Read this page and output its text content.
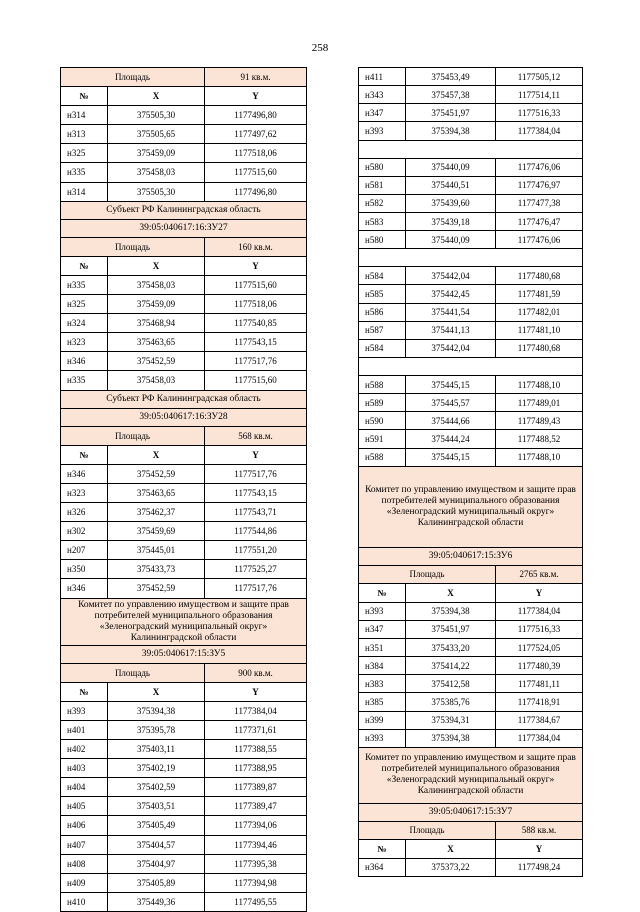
258
Площадь	91 кв.м.
№	X	Y
н314	375505,30	1177496,80
н313	375505,65	1177497,62
н325	375459,09	1177518,06
н335	375458,03	1177515,60
н314	375505,30	1177496,80
Субъект РФ Калининградская область
39:05:040617:16:ЗУ27
Площадь	160 кв.м.
№	X	Y
н335	375458,03	1177515,60
н325	375459,09	1177518,06
н324	375468,94	1177540,85
н323	375463,65	1177543,15
н346	375452,59	1177517,76
н335	375458,03	1177515,60
Субъект РФ Калининградская область
39:05:040617:16:ЗУ28
Площадь	568 кв.м.
№	X	Y
н346	375452,59	1177517,76
н323	375463,65	1177543,15
н326	375462,37	1177543,71
н302	375459,69	1177544,86
н207	375445,01	1177551,20
н350	375433,73	1177525,27
н346	375452,59	1177517,76
Комитет по управлению имуществом и защите прав потребителей муниципального образования «Зеленоградский муниципальный округ» Калининградской области
39:05:040617:15:ЗУ5
Площадь	900 кв.м.
№	X	Y
н393	375394,38	1177384,04
н401	375395,78	1177371,61
н402	375403,11	1177388,55
н403	375402,19	1177388,95
н404	375402,59	1177389,87
н405	375403,51	1177389,47
н406	375405,49	1177394,06
н407	375404,57	1177394,46
н408	375404,97	1177395,38
н409	375405,89	1177394,98
н410	375449,36	1177495,55
н411	375453,49	1177505,12
н343	375457,38	1177514,11
н347	375451,97	1177516,33
н393	375394,38	1177384,04
н580	375440,09	1177476,06
н581	375440,51	1177476,97
н582	375439,60	1177477,38
н583	375439,18	1177476,47
н580	375440,09	1177476,06
н584	375442,04	1177480,68
н585	375442,45	1177481,59
н586	375441,54	1177482,01
н587	375441,13	1177481,10
н584	375442,04	1177480,68
н588	375445,15	1177488,10
н589	375445,57	1177489,01
н590	375444,66	1177489,43
н591	375444,24	1177488,52
н588	375445,15	1177488,10
Комитет по управлению имуществом и защите прав потребителей муниципального образования «Зеленоградский муниципальный округ» Калининградской области
39:05:040617:15:ЗУ6
Площадь	2765 кв.м.
№	X	Y
н393	375394,38	1177384,04
н347	375451,97	1177516,33
н351	375433,20	1177524,05
н384	375414,22	1177480,39
н383	375412,58	1177481,11
н385	375385,76	1177418,91
н399	375394,31	1177384,67
н393	375394,38	1177384,04
Комитет по управлению имуществом и защите прав потребителей муниципального образования «Зеленоградский муниципальный округ» Калининградской области
39:05:040617:15:ЗУ7
Площадь	588 кв.м.
№	X	Y
н364	375373,22	1177498,24
